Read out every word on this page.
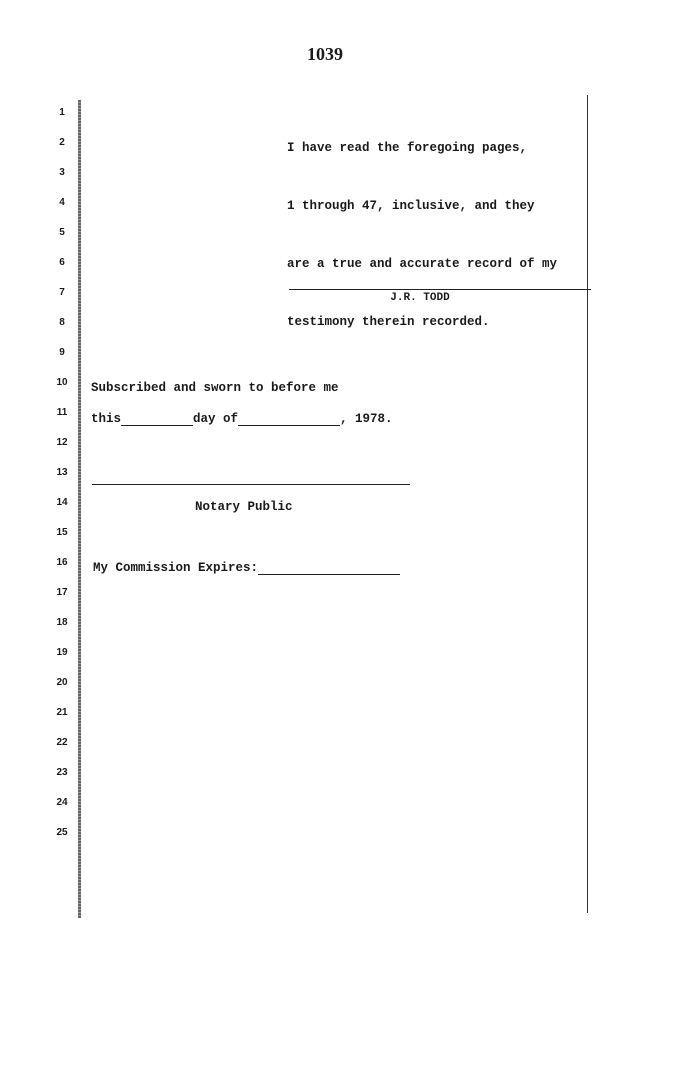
1039
1
2
3
4
5
6
7
8
9
10
11
12
13
14
15
16
17
18
19
20
21
22
23
24
25

I have read the foregoing pages,

1 through 47, inclusive, and they

are a true and accurate record of my

testimony therein recorded.

J.R. TODD
Subscribed and sworn to before me
this	day of	, 1978.
Notary Public
My Commission Expires:
